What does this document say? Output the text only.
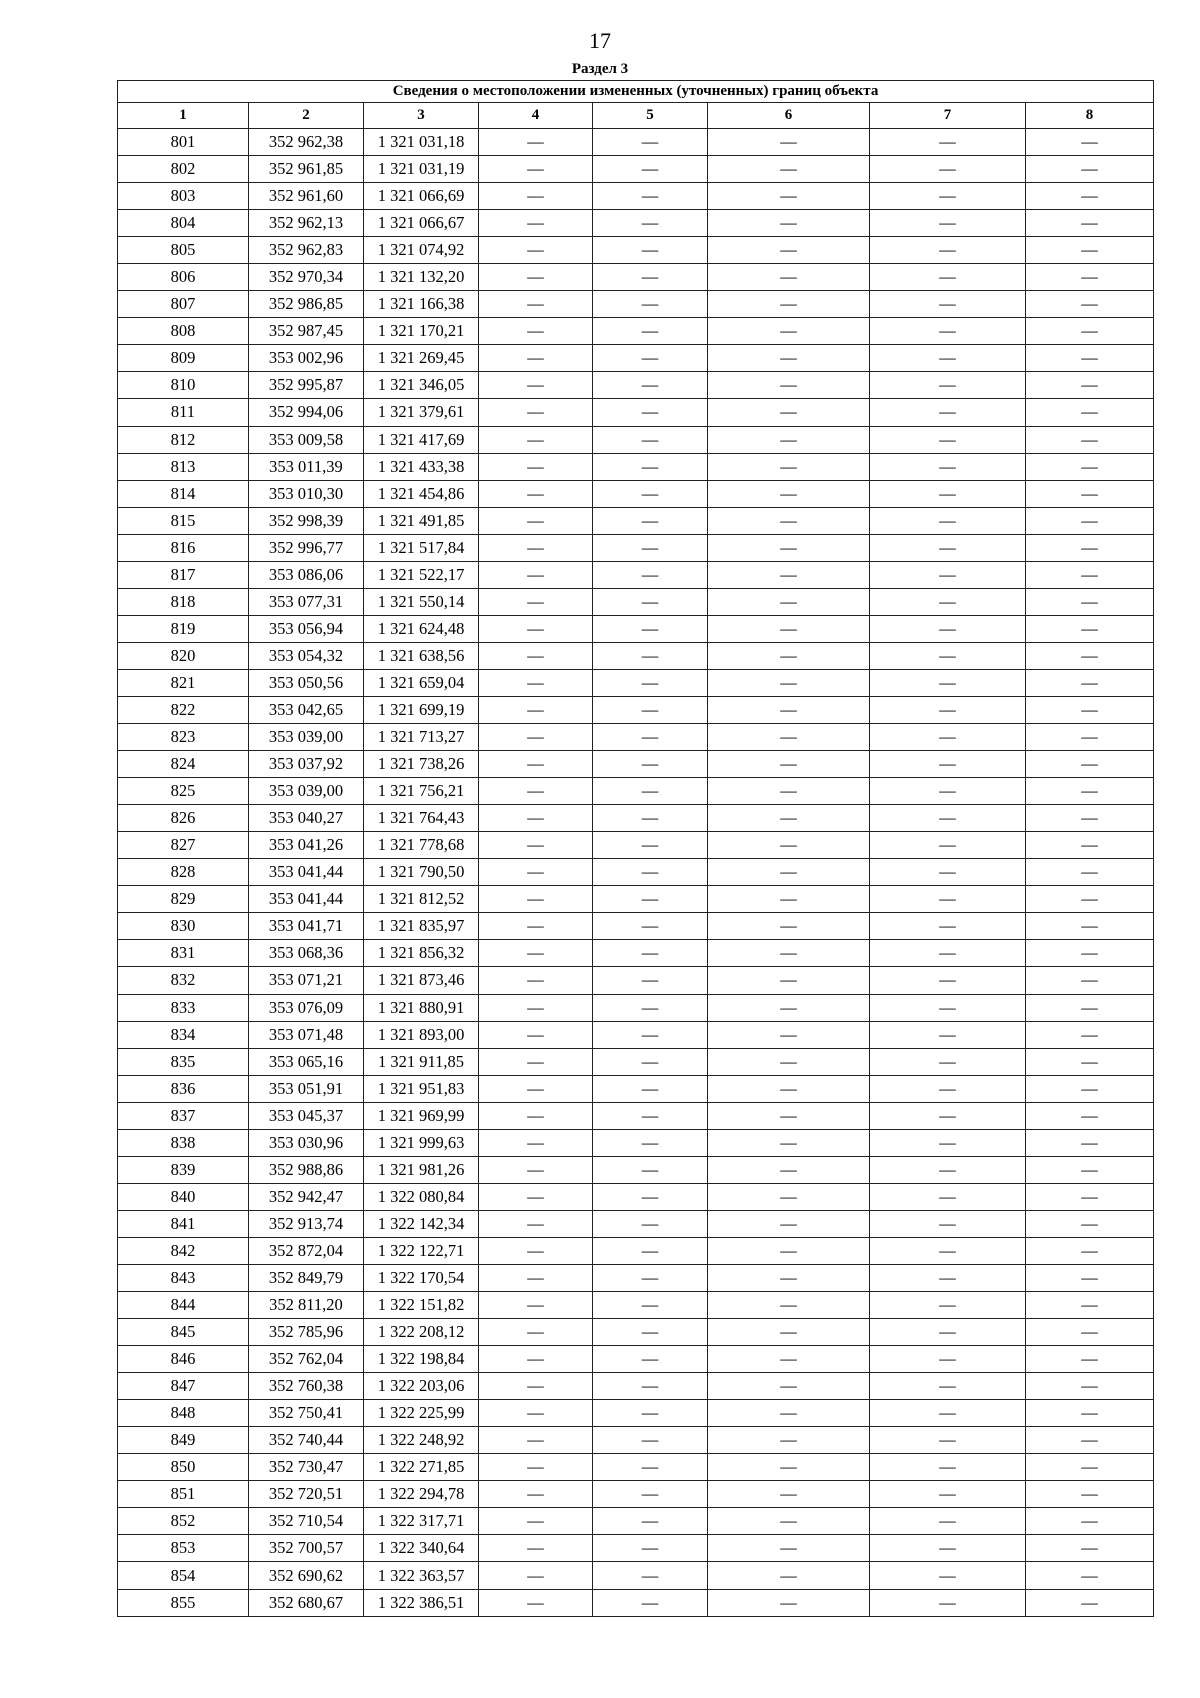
17
Раздел 3
Сведения о местоположении измененных (уточненных) границ объекта							
1	2	3	4	5	6	7	8
801	352 962,38	1 321 031,18	—	—	—	—	—
802	352 961,85	1 321 031,19	—	—	—	—	—
803	352 961,60	1 321 066,69	—	—	—	—	—
804	352 962,13	1 321 066,67	—	—	—	—	—
805	352 962,83	1 321 074,92	—	—	—	—	—
806	352 970,34	1 321 132,20	—	—	—	—	—
807	352 986,85	1 321 166,38	—	—	—	—	—
808	352 987,45	1 321 170,21	—	—	—	—	—
809	353 002,96	1 321 269,45	—	—	—	—	—
810	352 995,87	1 321 346,05	—	—	—	—	—
811	352 994,06	1 321 379,61	—	—	—	—	—
812	353 009,58	1 321 417,69	—	—	—	—	—
813	353 011,39	1 321 433,38	—	—	—	—	—
814	353 010,30	1 321 454,86	—	—	—	—	—
815	352 998,39	1 321 491,85	—	—	—	—	—
816	352 996,77	1 321 517,84	—	—	—	—	—
817	353 086,06	1 321 522,17	—	—	—	—	—
818	353 077,31	1 321 550,14	—	—	—	—	—
819	353 056,94	1 321 624,48	—	—	—	—	—
820	353 054,32	1 321 638,56	—	—	—	—	—
821	353 050,56	1 321 659,04	—	—	—	—	—
822	353 042,65	1 321 699,19	—	—	—	—	—
823	353 039,00	1 321 713,27	—	—	—	—	—
824	353 037,92	1 321 738,26	—	—	—	—	—
825	353 039,00	1 321 756,21	—	—	—	—	—
826	353 040,27	1 321 764,43	—	—	—	—	—
827	353 041,26	1 321 778,68	—	—	—	—	—
828	353 041,44	1 321 790,50	—	—	—	—	—
829	353 041,44	1 321 812,52	—	—	—	—	—
830	353 041,71	1 321 835,97	—	—	—	—	—
831	353 068,36	1 321 856,32	—	—	—	—	—
832	353 071,21	1 321 873,46	—	—	—	—	—
833	353 076,09	1 321 880,91	—	—	—	—	—
834	353 071,48	1 321 893,00	—	—	—	—	—
835	353 065,16	1 321 911,85	—	—	—	—	—
836	353 051,91	1 321 951,83	—	—	—	—	—
837	353 045,37	1 321 969,99	—	—	—	—	—
838	353 030,96	1 321 999,63	—	—	—	—	—
839	352 988,86	1 321 981,26	—	—	—	—	—
840	352 942,47	1 322 080,84	—	—	—	—	—
841	352 913,74	1 322 142,34	—	—	—	—	—
842	352 872,04	1 322 122,71	—	—	—	—	—
843	352 849,79	1 322 170,54	—	—	—	—	—
844	352 811,20	1 322 151,82	—	—	—	—	—
845	352 785,96	1 322 208,12	—	—	—	—	—
846	352 762,04	1 322 198,84	—	—	—	—	—
847	352 760,38	1 322 203,06	—	—	—	—	—
848	352 750,41	1 322 225,99	—	—	—	—	—
849	352 740,44	1 322 248,92	—	—	—	—	—
850	352 730,47	1 322 271,85	—	—	—	—	—
851	352 720,51	1 322 294,78	—	—	—	—	—
852	352 710,54	1 322 317,71	—	—	—	—	—
853	352 700,57	1 322 340,64	—	—	—	—	—
854	352 690,62	1 322 363,57	—	—	—	—	—
855	352 680,67	1 322 386,51	—	—	—	—	—
